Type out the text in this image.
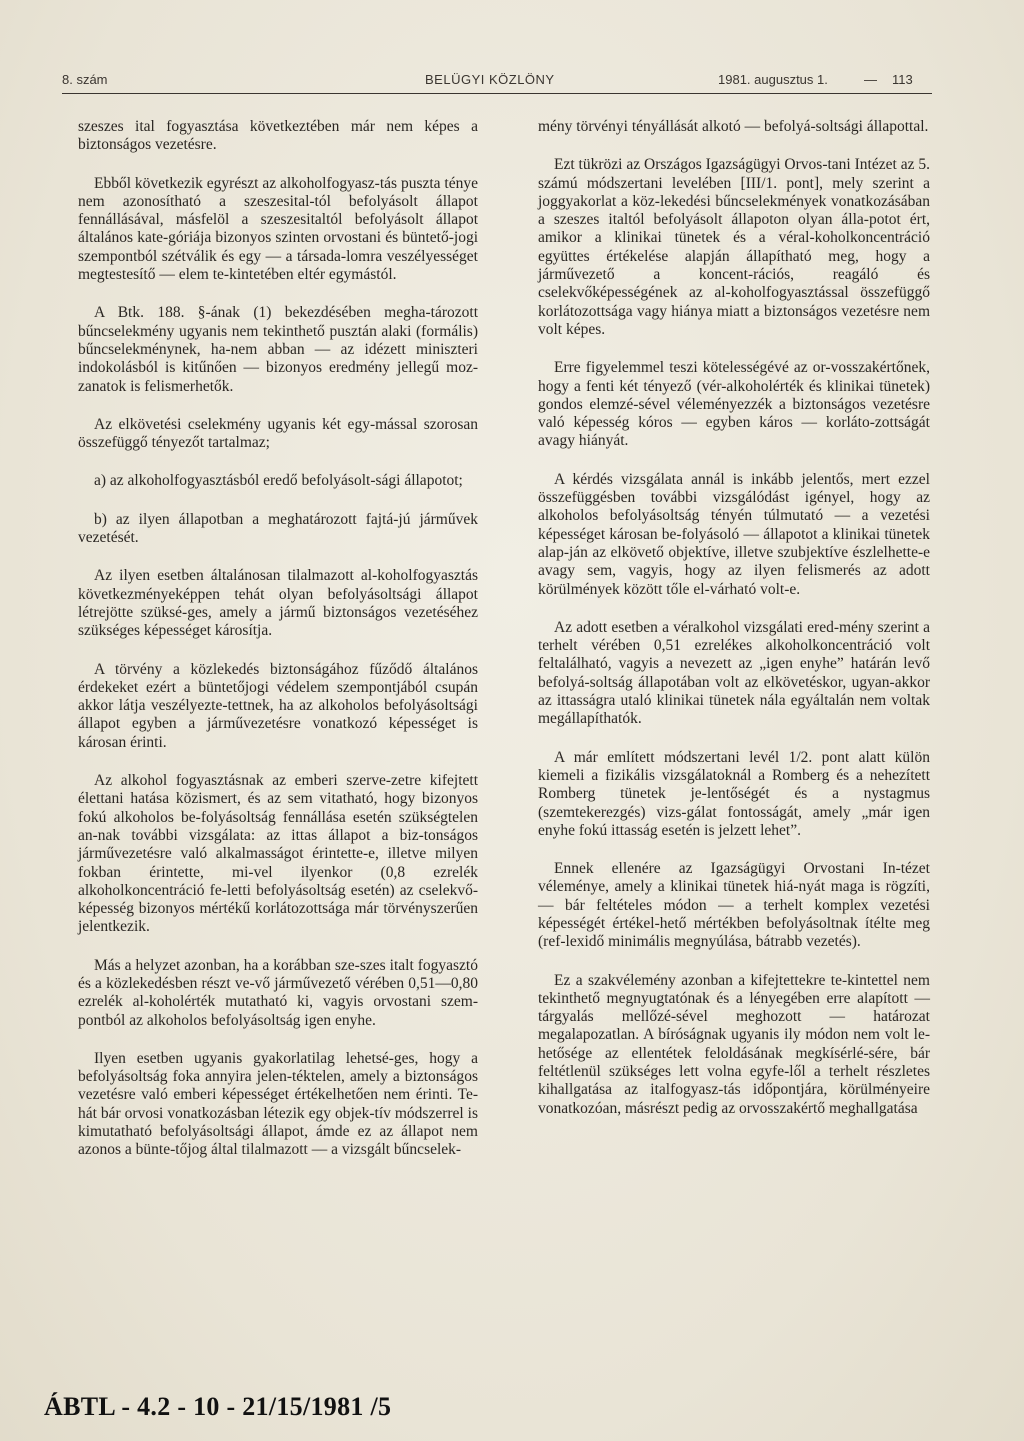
8. szám	BELÜGYI KÖZLÖNY	1981. augusztus 1.	— 113

szeszes ital fogyasztása következtében már nem képes a biztonságos vezetésre.

Ebből következik egyrészt az alkoholfogyasz-tás puszta ténye nem azonosítható a szeszesital-tól befolyásolt állapot fennállásával, másfelöl a szeszesitaltól befolyásolt állapot általános kate-góriája bizonyos szinten orvostani és büntető-jogi szempontból szétválik és egy — a társada-lomra veszélyességet megtestesítő — elem te-kintetében eltér egymástól.

A Btk. 188. §-ának (1) bekezdésében megha-tározott bűncselekmény ugyanis nem tekinthető pusztán alaki (formális) bűncselekménynek, ha-nem abban — az idézett miniszteri indokolásból is kitűnően — bizonyos eredmény jellegű moz-zanatok is felismerhetők.

Az elkövetési cselekmény ugyanis két egy-mással szorosan összefüggő tényezőt tartalmaz;

a) az alkoholfogyasztásból eredő befolyásolt-sági állapotot;

b) az ilyen állapotban a meghatározott fajtá-jú járművek vezetését.

Az ilyen esetben általánosan tilalmazott al-koholfogyasztás következményeképpen tehát olyan befolyásoltsági állapot létrejötte szüksé-ges, amely a jármű biztonságos vezetéséhez szükséges képességet károsítja.

A törvény a közlekedés biztonságához fűződő általános érdekeket ezért a büntetőjogi védelem szempontjából csupán akkor látja veszélyezte-tettnek, ha az alkoholos befolyásoltsági állapot egyben a járművezetésre vonatkozó képességet is károsan érinti.

Az alkohol fogyasztásnak az emberi szerve-zetre kifejtett élettani hatása közismert, és az sem vitatható, hogy bizonyos fokú alkoholos be-folyásoltság fennállása esetén szükségtelen an-nak további vizsgálata: az ittas állapot a biz-tonságos járművezetésre való alkalmasságot érintette-e, illetve milyen fokban érintette, mi-vel ilyenkor (0,8 ezrelék alkoholkoncentráció fe-letti befolyásoltság esetén) az cselekvő-képesség bizonyos mértékű korlátozottsága már törvényszerűen jelentkezik.

Más a helyzet azonban, ha a korábban sze-szes italt fogyasztó és a közlekedésben részt ve-vő járművezető vérében 0,51—0,80 ezrelék al-koholérték mutatható ki, vagyis orvostani szem-pontból az alkoholos befolyásoltság igen enyhe.

Ilyen esetben ugyanis gyakorlatilag lehetsé-ges, hogy a befolyásoltság foka annyira jelen-téktelen, amely a biztonságos vezetésre való emberi képességet értékelhetően nem érinti. Te-hát bár orvosi vonatkozásban létezik egy objek-tív módszerrel is kimutatható befolyásoltsági állapot, ámde ez az állapot nem azonos a büntе-tőjog által tilalmazott — a vizsgált bűncselek-

mény törvényi tényállását alkotó — befolyá-soltsági állapottal.

Ezt tükrözi az Országos Igazságügyi Orvos-tani Intézet az 5. számú módszertani levelében [III/1. pont], mely szerint a joggyakorlat a köz-lekedési bűncselekmények vonatkozásában a szeszes italtól befolyásolt állapoton olyan álla-potot ért, amikor a klinikai tünetek és a véral-koholkoncentráció együttes értékelése alapján állapítható meg, hogy a járművezető a koncent-rációs, reagáló és cselekvőképességének az al-koholfogyasztással összefüggő korlátozottsága vagy hiánya miatt a biztonságos vezetésre nem volt képes.

Erre figyelemmel teszi kötelességévé az or-vosszakértőnek, hogy a fenti két tényező (vér-alkoholérték és klinikai tünetek) gondos elemzé-sével véleményezzék a biztonságos vezetésre való képesség kóros — egyben káros — korláto-zottságát avagy hiányát.

A kérdés vizsgálata annál is inkább jelentős, mert ezzel összefüggésben további vizsgálódást igényel, hogy az alkoholos befolyásoltság tényén túlmutató — a vezetési képességet károsan be-folyásoló — állapotot a klinikai tünetek alap-ján az elkövető objektíve, illetve szubjektíve észlelhette-e avagy sem, vagyis, hogy az ilyen felismerés az adott körülmények között tőle el-várható volt-e.

Az adott esetben a véralkohol vizsgálati ered-mény szerint a terhelt vérében 0,51 ezrelékes alkoholkoncentráció volt feltalálható, vagyis a nevezett az „igen enyhe” határán levő befolyá-soltság állapotában volt az elkövetéskor, ugyan-akkor az ittasságra utaló klinikai tünetek nála egyáltalán nem voltak megállapíthatók.

A már említett módszertani levél 1/2. pont alatt külön kiemeli a fizikális vizsgálatoknál a Romberg és a nehezített Romberg tünetek je-lentőségét és a nystagmus (szemtekerezgés) vizs-gálat fontosságát, amely „már igen enyhe fokú ittasság esetén is jelzett lehet”.

Ennek ellenére az Igazságügyi Orvostani In-tézet véleménye, amely a klinikai tünetek hiá-nyát maga is rögzíti, — bár feltételes módon — a terhelt komplex vezetési képességét értékel-hető mértékben befolyásoltnak ítélte meg (ref-lexidő minimális megnyúlása, bátrabb vezetés).

Ez a szakvélemény azonban a kifejtettekre te-kintettel nem tekinthető megnyugtatónak és a lényegében erre alapított — tárgyalás mellőzé-sével meghozott — határozat megalapozatlan. A bíróságnak ugyanis ily módon nem volt le-hetősége az ellentétek feloldásának megkísérlé-sére, bár feltétlenül szükséges lett volna egyfe-lől a terhelt részletes kihallgatása az italfogyasz-tás időpontjára, körülményeire vonatkozóan, másrészt pedig az orvosszakértő meghallgatása

ÁBTL - 4.2 - 10 - 21/15/1981 /5
